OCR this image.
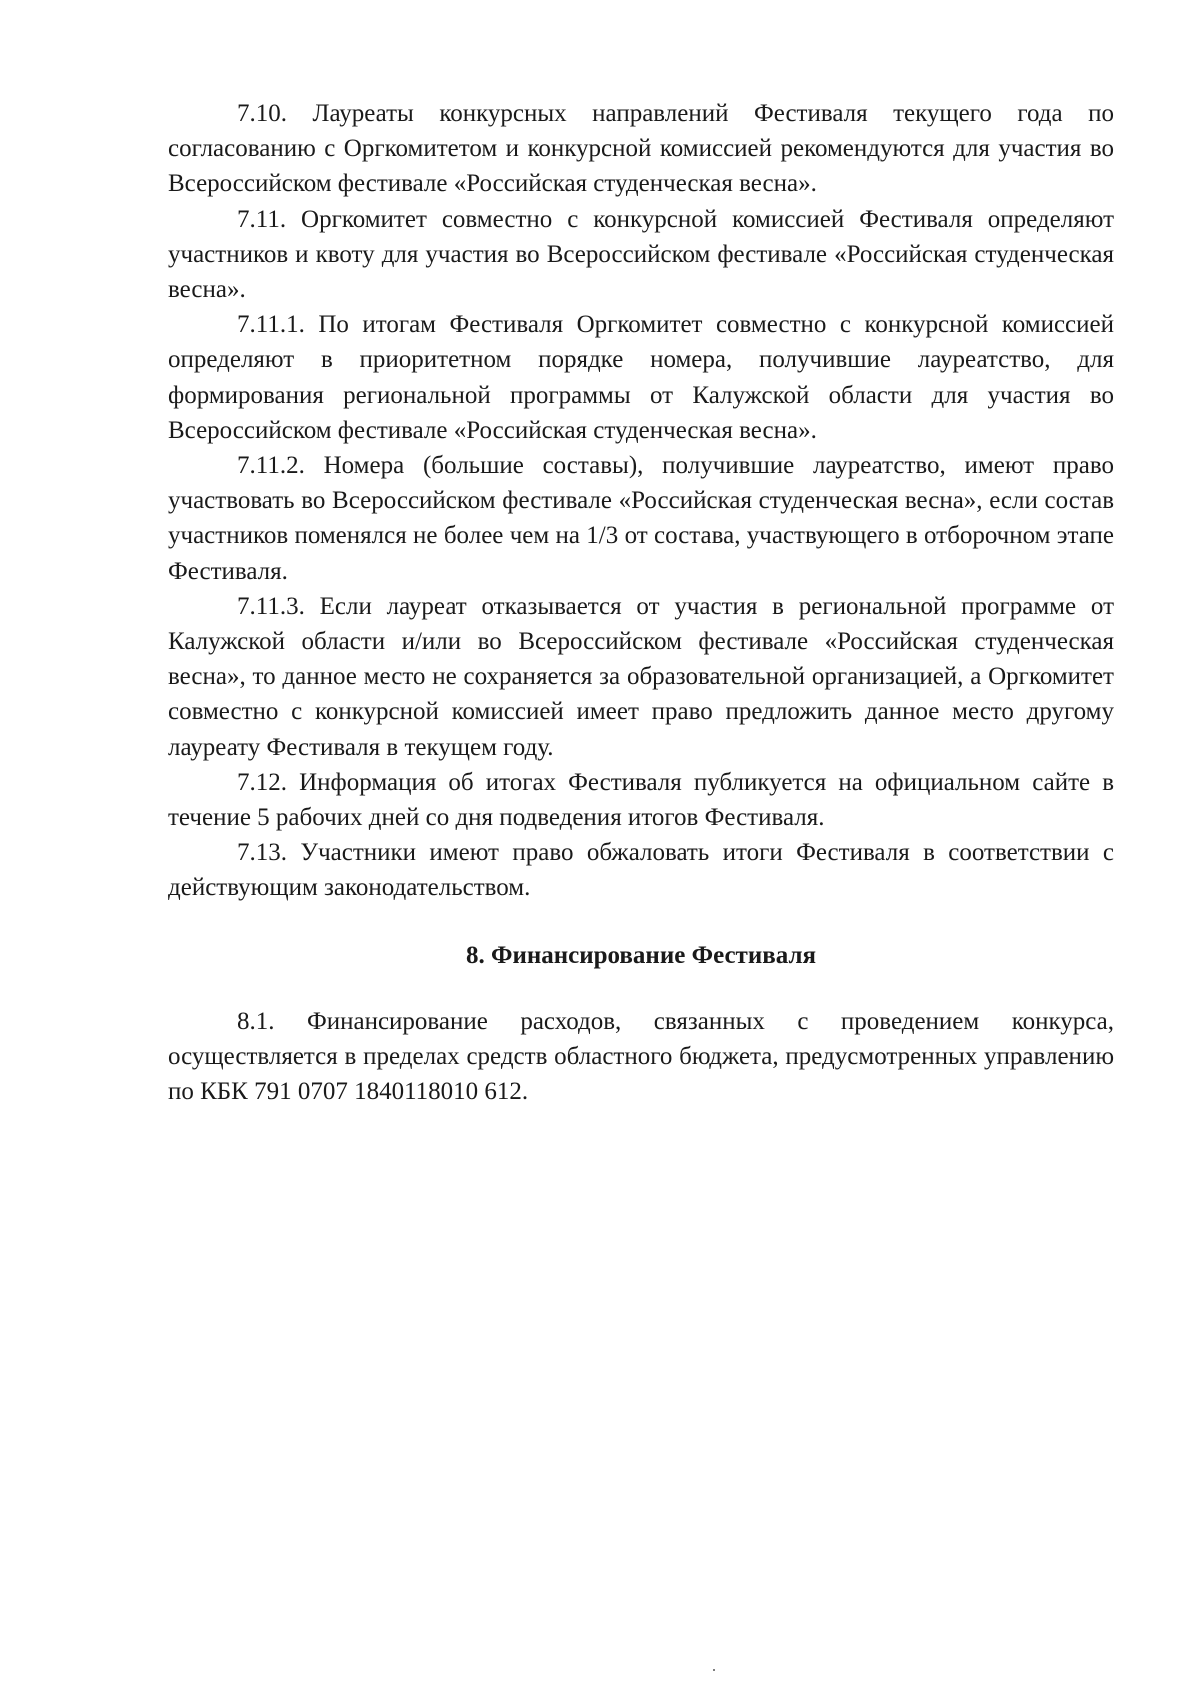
7.10. Лауреаты конкурсных направлений Фестиваля текущего года по согласованию с Оргкомитетом и конкурсной комиссией рекомендуются для участия во Всероссийском фестивале «Российская студенческая весна».

7.11. Оргкомитет совместно с конкурсной комиссией Фестиваля определяют участников и квоту для участия во Всероссийском фестивале «Российская студенческая весна».

7.11.1. По итогам Фестиваля Оргкомитет совместно с конкурсной комиссией определяют в приоритетном порядке номера, получившие лауреатство, для формирования региональной программы от Калужской области для участия во Всероссийском фестивале «Российская студенческая весна».

7.11.2. Номера (большие составы), получившие лауреатство, имеют право участвовать во Всероссийском фестивале «Российская студенческая весна», если состав участников поменялся не более чем на 1/3 от состава, участвующего в отборочном этапе Фестиваля.

7.11.3. Если лауреат отказывается от участия в региональной программе от Калужской области и/или во Всероссийском фестивале «Российская студенческая весна», то данное место не сохраняется за образовательной организацией, а Оргкомитет совместно с конкурсной комиссией имеет право предложить данное место другому лауреату Фестиваля в текущем году.

7.12. Информация об итогах Фестиваля публикуется на официальном сайте в течение 5 рабочих дней со дня подведения итогов Фестиваля.

7.13. Участники имеют право обжаловать итоги Фестиваля в соответствии с действующим законодательством.

8. Финансирование Фестиваля

8.1. Финансирование расходов, связанных с проведением конкурса, осуществляется в пределах средств областного бюджета, предусмотренных управлению по КБК 791 0707 1840118010 612.
